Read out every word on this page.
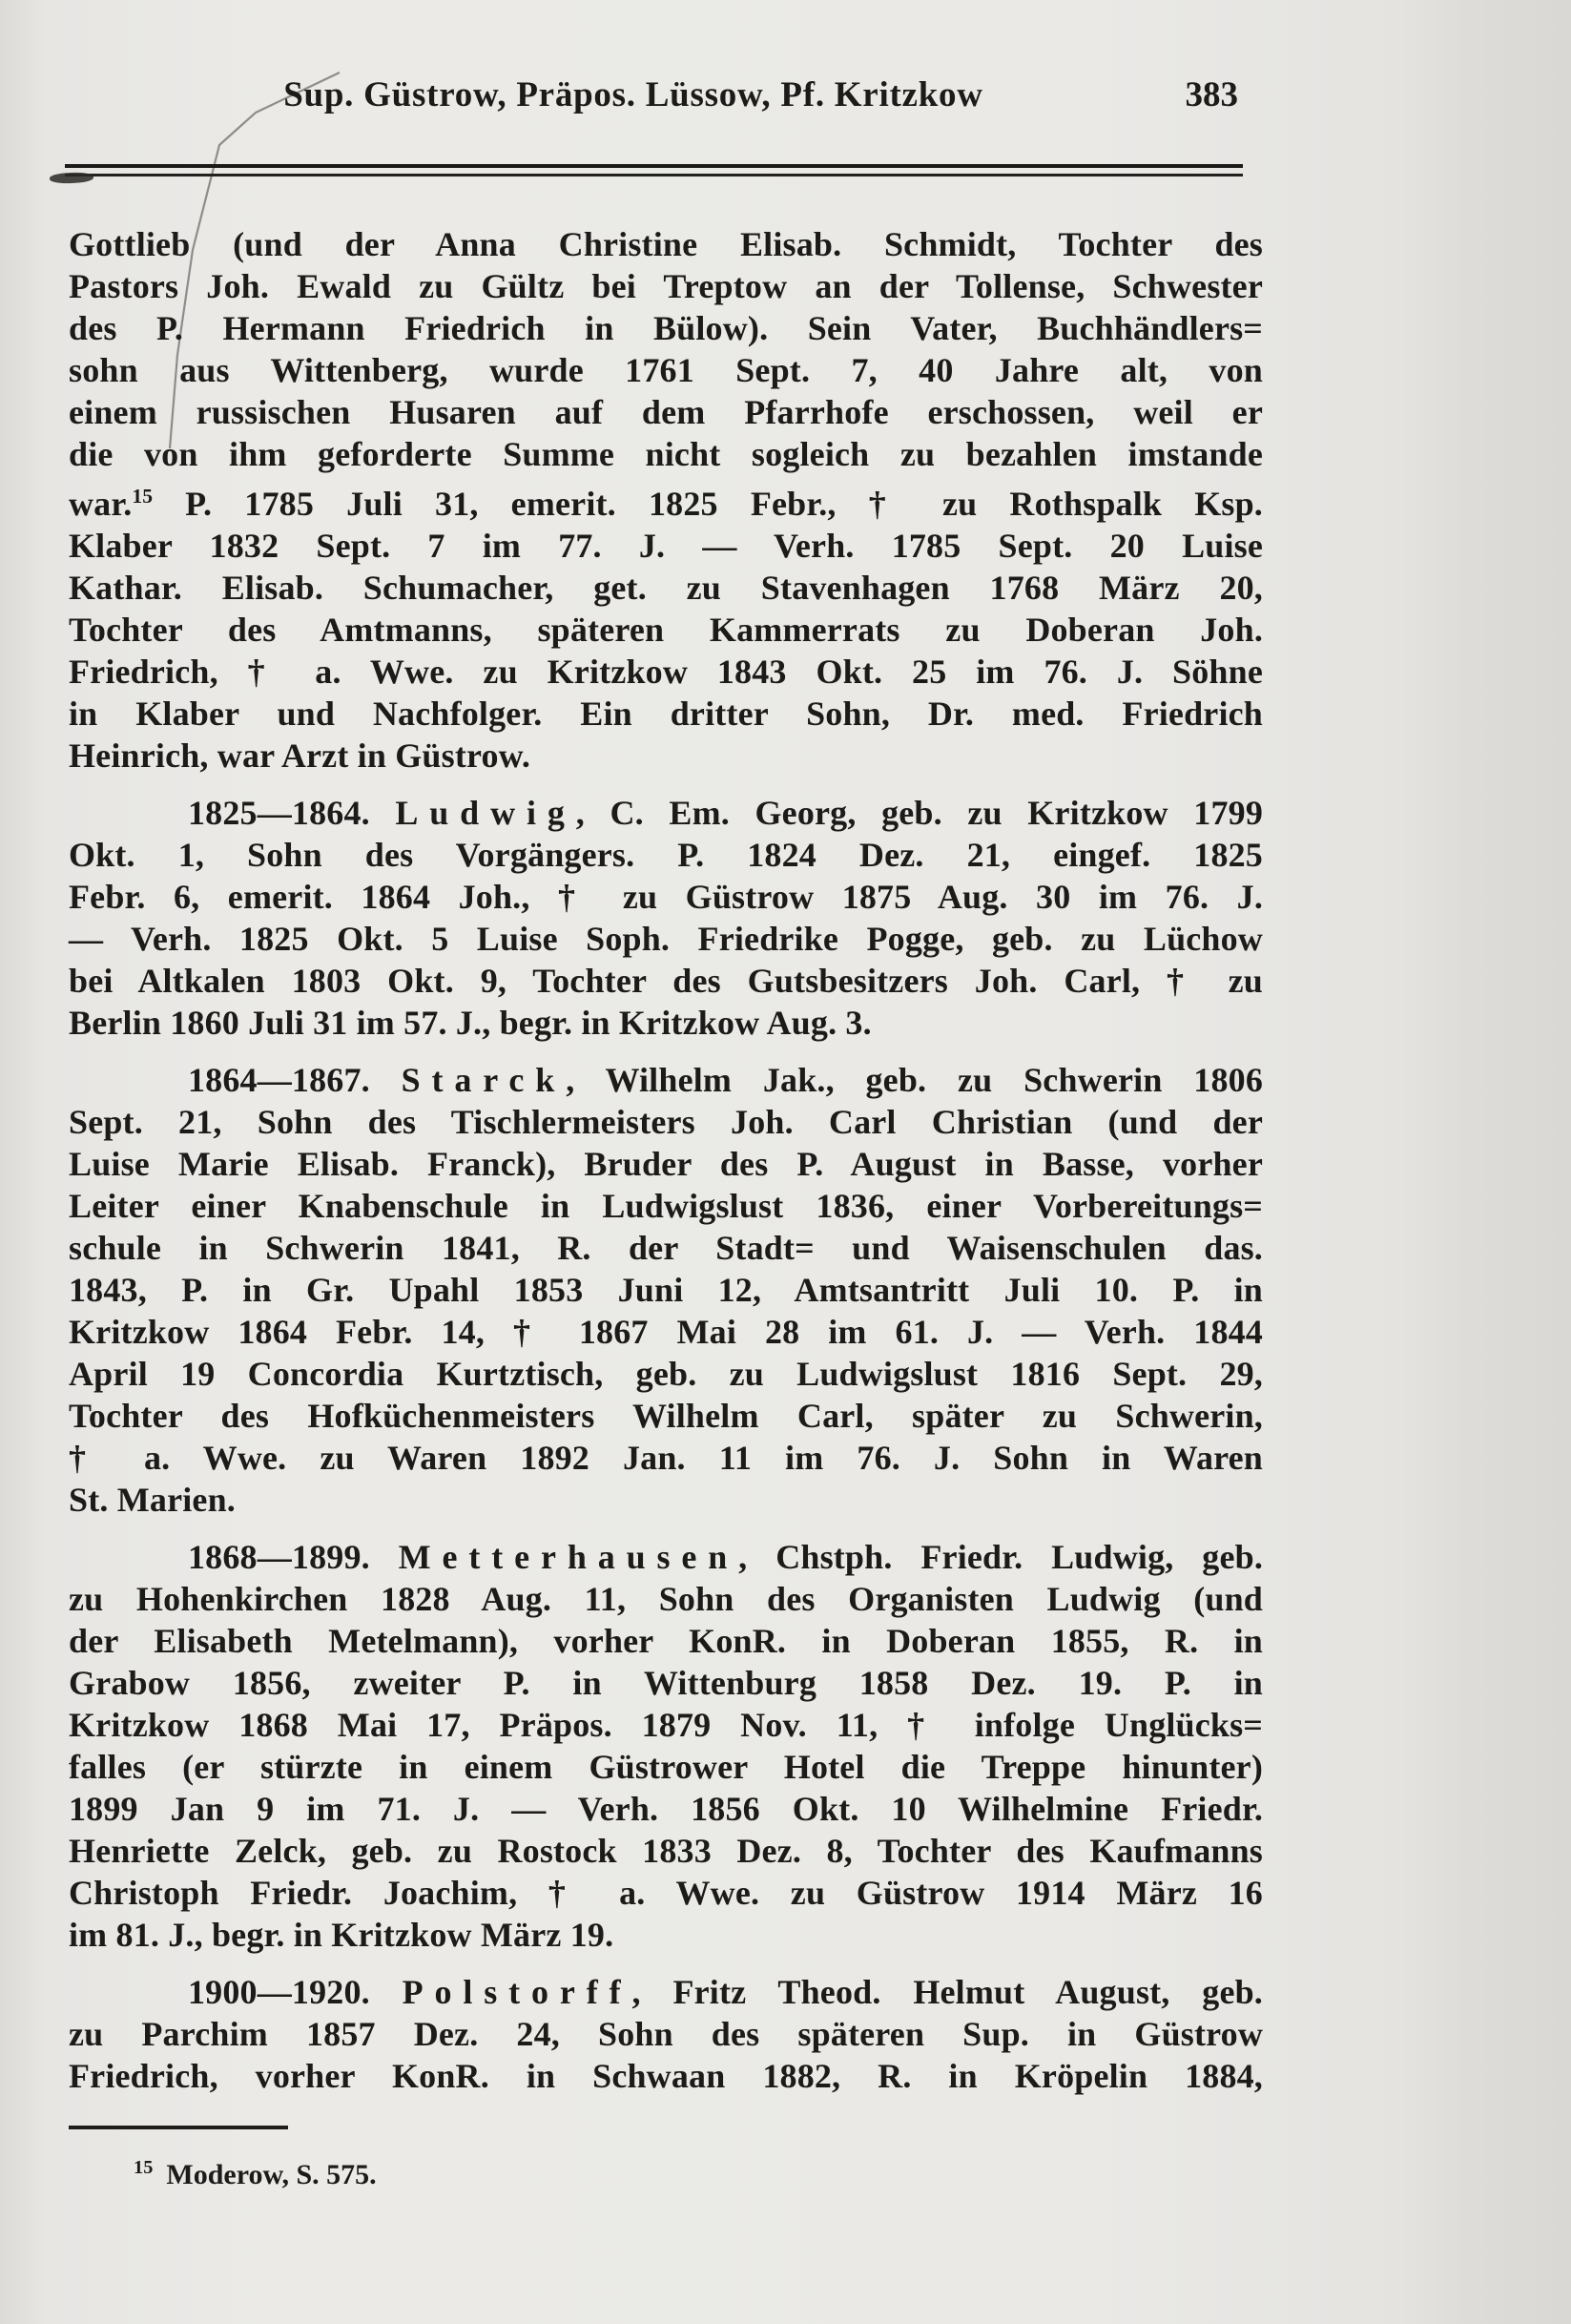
Sup. Güstrow, Präpos. Lüssow, Pf. Kritzkow	383
Gottlieb (und der Anna Christine Elisab. Schmidt, Tochter des
Pastors Joh. Ewald zu Gültz bei Treptow an der Tollense, Schwester
des P. Hermann Friedrich in Bülow). Sein Vater, Buchhändlers=
sohn aus Wittenberg, wurde 1761 Sept. 7, 40 Jahre alt, von
einem russischen Husaren auf dem Pfarrhofe erschossen, weil er
die von ihm geforderte Summe nicht sogleich zu bezahlen imstande
war.$^{15}$ P. 1785 Juli 31, emerit. 1825 Febr., † zu Rothspalk Ksp.
Klaber 1832 Sept. 7 im 77. J. — Verh. 1785 Sept. 20 Luise
Kathar. Elisab. Schumacher, get. zu Stavenhagen 1768 März 20,
Tochter des Amtmanns, späteren Kammerrats zu Doberan Joh.
Friedrich, † a. Wwe. zu Kritzkow 1843 Okt. 25 im 76. J. Söhne
in Klaber und Nachfolger. Ein dritter Sohn, Dr. med. Friedrich
Heinrich, war Arzt in Güstrow.
1825—1864. Ludwig, C. Em. Georg, geb. zu Kritzkow 1799
Okt. 1, Sohn des Vorgängers. P. 1824 Dez. 21, eingef. 1825
Febr. 6, emerit. 1864 Joh., † zu Güstrow 1875 Aug. 30 im 76. J.
— Verh. 1825 Okt. 5 Luise Soph. Friedrike Pogge, geb. zu Lüchow
bei Altkalen 1803 Okt. 9, Tochter des Gutsbesitzers Joh. Carl, † zu
Berlin 1860 Juli 31 im 57. J., begr. in Kritzkow Aug. 3.
1864—1867. Starck, Wilhelm Jak., geb. zu Schwerin 1806
Sept. 21, Sohn des Tischlermeisters Joh. Carl Christian (und der
Luise Marie Elisab. Franck), Bruder des P. August in Basse, vorher
Leiter einer Knabenschule in Ludwigslust 1836, einer Vorbereitungs=
schule in Schwerin 1841, R. der Stadt= und Waisenschulen das.
1843, P. in Gr. Upahl 1853 Juni 12, Amtsantritt Juli 10. P. in
Kritzkow 1864 Febr. 14, † 1867 Mai 28 im 61. J. — Verh. 1844
April 19 Concordia Kurtztisch, geb. zu Ludwigslust 1816 Sept. 29,
Tochter des Hofküchenmeisters Wilhelm Carl, später zu Schwerin,
† a. Wwe. zu Waren 1892 Jan. 11 im 76. J. Sohn in Waren
St. Marien.
1868—1899. Metterhausen, Chstph. Friedr. Ludwig, geb.
zu Hohenkirchen 1828 Aug. 11, Sohn des Organisten Ludwig (und
der Elisabeth Metelmann), vorher KonR. in Doberan 1855, R. in
Grabow 1856, zweiter P. in Wittenburg 1858 Dez. 19. P. in
Kritzkow 1868 Mai 17, Präpos. 1879 Nov. 11, † infolge Unglücks=
falles (er stürzte in einem Güstrower Hotel die Treppe hinunter)
1899 Jan 9 im 71. J. — Verh. 1856 Okt. 10 Wilhelmine Friedr.
Henriette Zelck, geb. zu Rostock 1833 Dez. 8, Tochter des Kaufmanns
Christoph Friedr. Joachim, † a. Wwe. zu Güstrow 1914 März 16
im 81. J., begr. in Kritzkow März 19.
1900—1920. Polstorff, Fritz Theod. Helmut August, geb.
zu Parchim 1857 Dez. 24, Sohn des späteren Sup. in Güstrow
Friedrich, vorher KonR. in Schwaan 1882, R. in Kröpelin 1884,
$^{15}$ Moderow, S. 575.
